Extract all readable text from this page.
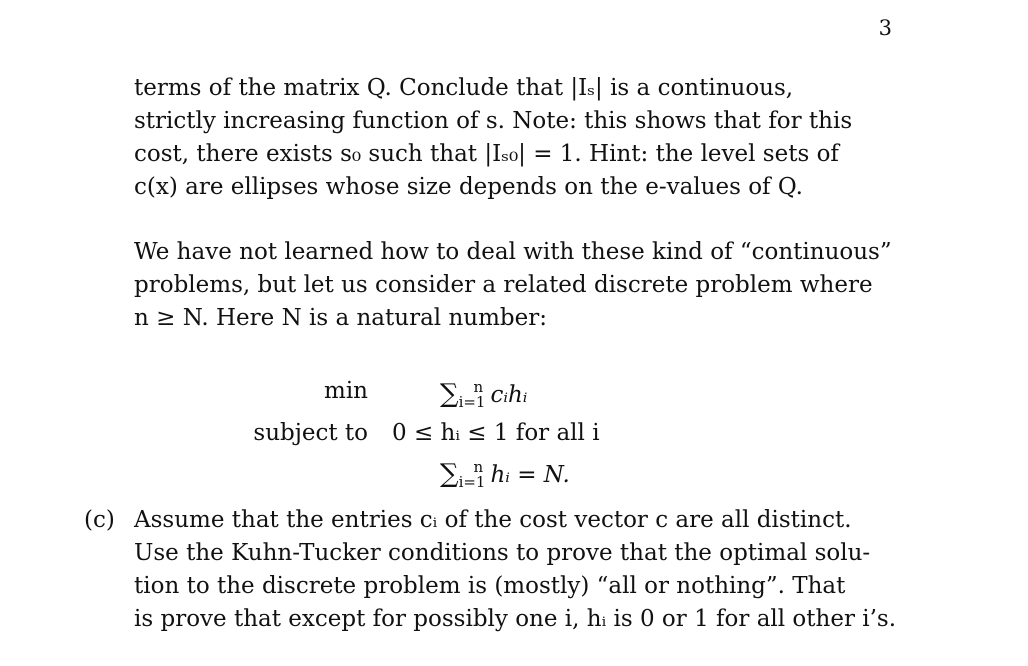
3
terms of the matrix Q. Conclude that |Iₛ| is a continuous,
strictly increasing function of s. Note: this shows that for this
cost, there exists s₀ such that |Iₛ₀| = 1. Hint: the level sets of
c(x) are ellipses whose size depends on the e-values of Q.
We have not learned how to deal with these kind of “continuous”
problems, but let us consider a related discrete problem where
n ≥ N. Here N is a natural number:
min	$\sum_{i=1}^n$ cᵢhᵢ
subject to 0 ≤ hᵢ ≤ 1 for all i
$\sum_{i=1}^n$ hᵢ = N.
(c) Assume that the entries cᵢ of the cost vector c are all distinct.
Use the Kuhn-Tucker conditions to prove that the optimal solu-
tion to the discrete problem is (mostly) “all or nothing”. That
is prove that except for possibly one i, hᵢ is 0 or 1 for all other i’s.
